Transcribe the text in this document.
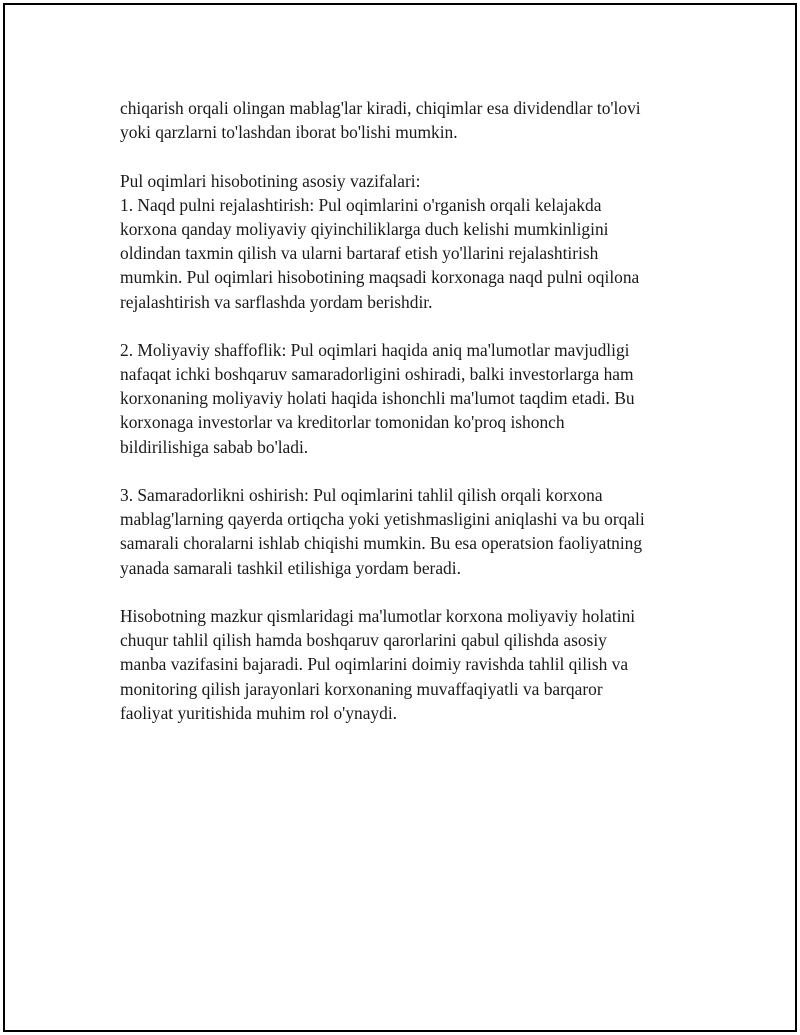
chiqarish orqali olingan mablag'lar kiradi, chiqimlar esa dividendlar to'lovi
yoki qarzlarni to'lashdan iborat bo'lishi mumkin.
Pul oqimlari hisobotining asosiy vazifalari:
1. Naqd pulni rejalashtirish: Pul oqimlarini o'rganish orqali kelajakda
korxona qanday moliyaviy qiyinchiliklarga duch kelishi mumkinligini
oldindan taxmin qilish va ularni bartaraf etish yo'llarini rejalashtirish
mumkin. Pul oqimlari hisobotining maqsadi korxonaga naqd pulni oqilona
rejalashtirish va sarflashda yordam berishdir.
2. Moliyaviy shaffoflik: Pul oqimlari haqida aniq ma'lumotlar mavjudligi
nafaqat ichki boshqaruv samaradorligini oshiradi, balki investorlarga ham
korxonaning moliyaviy holati haqida ishonchli ma'lumot taqdim etadi. Bu
korxonaga investorlar va kreditorlar tomonidan ko'proq ishonch
bildirilishiga sabab bo'ladi.
3. Samaradorlikni oshirish: Pul oqimlarini tahlil qilish orqali korxona
mablag'larning qayerda ortiqcha yoki yetishmasligini aniqlashi va bu orqali
samarali choralarni ishlab chiqishi mumkin. Bu esa operatsion faoliyatning
yanada samarali tashkil etilishiga yordam beradi.
Hisobotning mazkur qismlaridagi ma'lumotlar korxona moliyaviy holatini
chuqur tahlil qilish hamda boshqaruv qarorlarini qabul qilishda asosiy
manba vazifasini bajaradi. Pul oqimlarini doimiy ravishda tahlil qilish va
monitoring qilish jarayonlari korxonaning muvaffaqiyatli va barqaror
faoliyat yuritishida muhim rol o'ynaydi.
